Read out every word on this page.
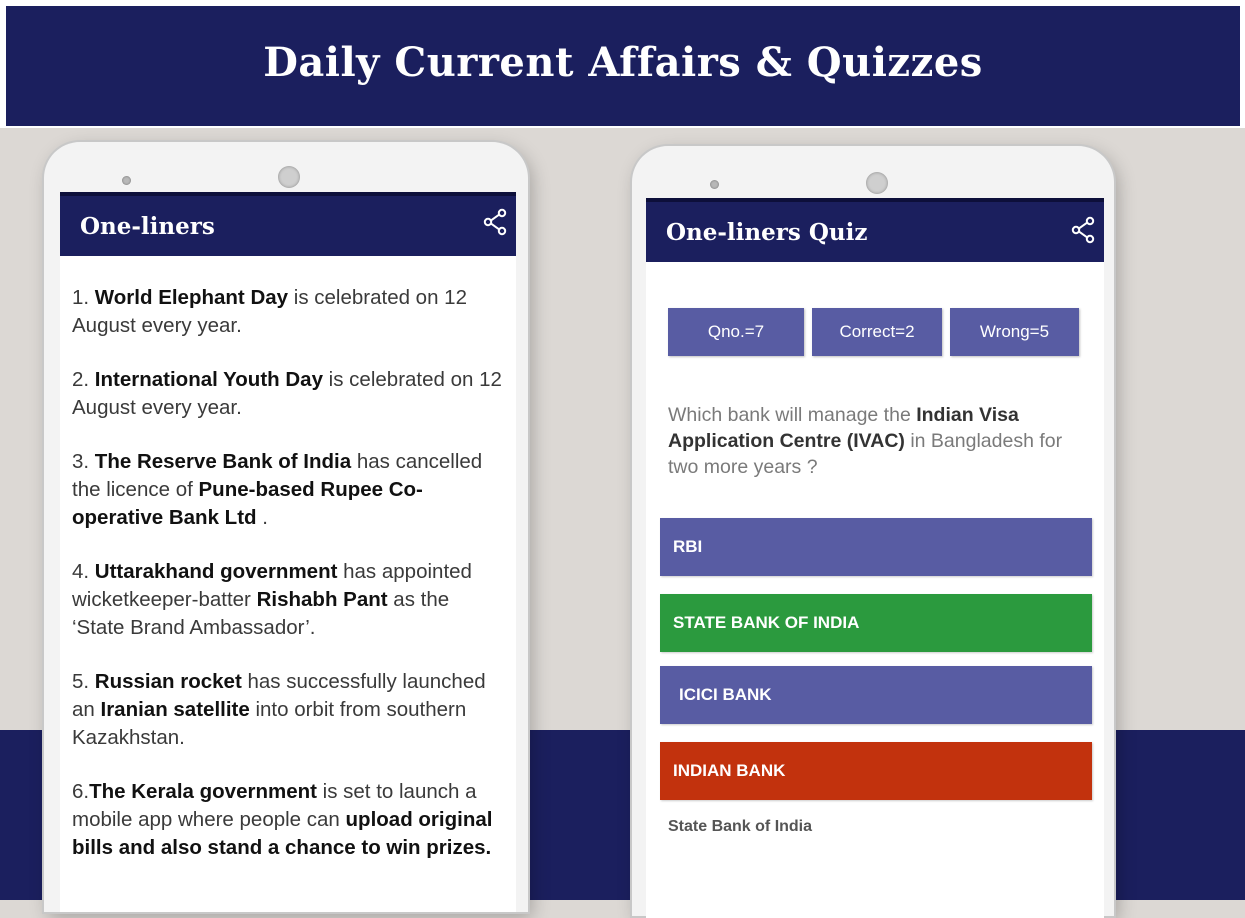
Daily Current Affairs & Quizzes
One-liners
1. World Elephant Day is celebrated on 12 August every year.
2. International Youth Day is celebrated on 12 August every year.
3. The Reserve Bank of India has cancelled the licence of Pune-based Rupee Co-operative Bank Ltd .
4. Uttarakhand government has appointed wicketkeeper-batter Rishabh Pant as the ‘State Brand Ambassador’.
5. Russian rocket has successfully launched an Iranian satellite into orbit from southern Kazakhstan.
6.The Kerala government is set to launch a mobile app where people can upload original bills and also stand a chance to win prizes.
One-liners Quiz
Qno.=7	Correct=2	Wrong=5
Which bank will manage the Indian Visa Application Centre (IVAC) in Bangladesh for two more years ?
RBI
STATE BANK OF INDIA
ICICI BANK
INDIAN BANK
State Bank of India
